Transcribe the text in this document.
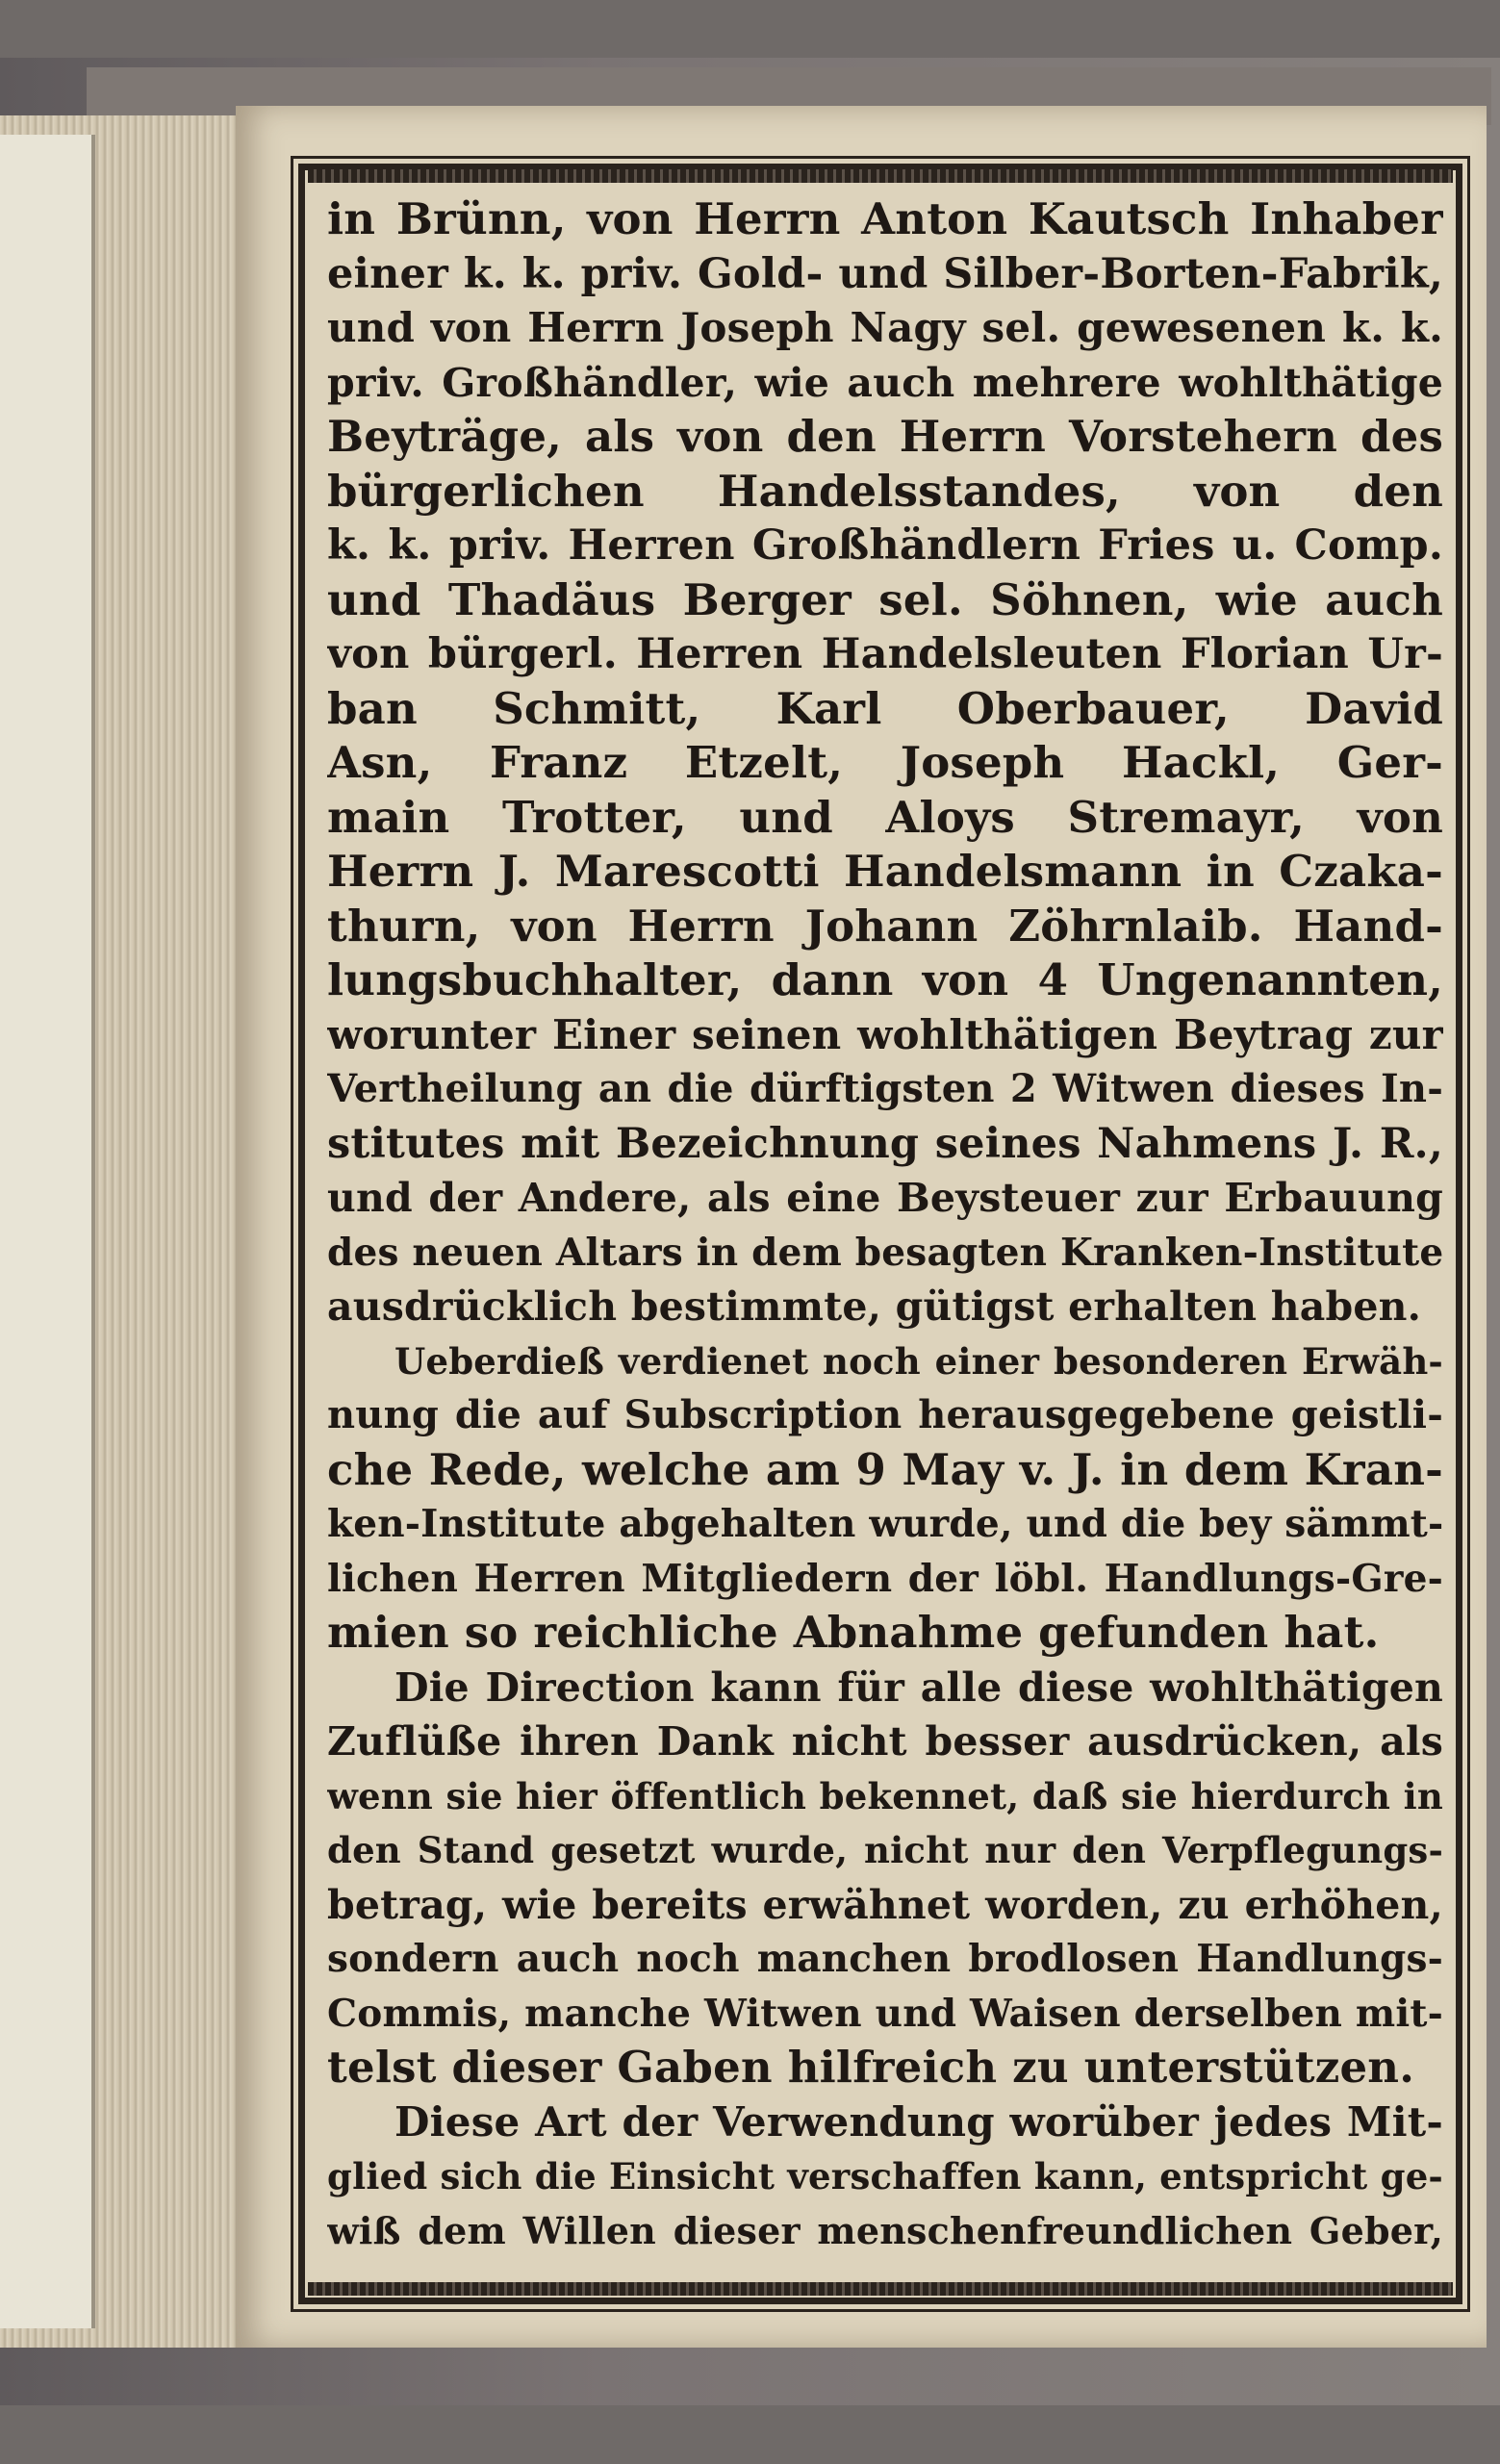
in Brünn, von Herrn Anton Kautsch Inhaber
einer k. k. priv. Gold- und Silber-Borten-Fabrik,
und von Herrn Joseph Nagy sel. gewesenen k. k.
priv. Großhändler, wie auch mehrere wohlthätige
Beyträge, als von den Herrn Vorstehern des
bürgerlichen Handelsstandes, von den
k. k. priv. Herren Großhändlern Fries u. Comp.
und Thadäus Berger sel. Söhnen, wie auch
von bürgerl. Herren Handelsleuten Florian Ur-
ban Schmitt, Karl Oberbauer, David
Asn, Franz Etzelt, Joseph Hackl, Ger-
main Trotter, und Aloys Stremayr, von
Herrn J. Marescotti Handelsmann in Czaka-
thurn, von Herrn Johann Zöhrnlaib. Hand-
lungsbuchhalter, dann von 4 Ungenannten,
worunter Einer seinen wohlthätigen Beytrag zur
Vertheilung an die dürftigsten 2 Witwen dieses In-
stitutes mit Bezeichnung seines Nahmens J. R.,
und der Andere, als eine Beysteuer zur Erbauung
des neuen Altars in dem besagten Kranken-Institute
ausdrücklich bestimmte, gütigst erhalten haben.
Ueberdieß verdienet noch einer besonderen Erwäh-
nung die auf Subscription herausgegebene geistli-
che Rede, welche am 9 May v. J. in dem Kran-
ken-Institute abgehalten wurde, und die bey sämmt-
lichen Herren Mitgliedern der löbl. Handlungs-Gre-
mien so reichliche Abnahme gefunden hat.
Die Direction kann für alle diese wohlthätigen
Zuflüße ihren Dank nicht besser ausdrücken, als
wenn sie hier öffentlich bekennet, daß sie hierdurch in
den Stand gesetzt wurde, nicht nur den Verpflegungs-
betrag, wie bereits erwähnet worden, zu erhöhen,
sondern auch noch manchen brodlosen Handlungs-
Commis, manche Witwen und Waisen derselben mit-
telst dieser Gaben hilfreich zu unterstützen.
Diese Art der Verwendung worüber jedes Mit-
glied sich die Einsicht verschaffen kann, entspricht ge-
wiß dem Willen dieser menschenfreundlichen Geber,
